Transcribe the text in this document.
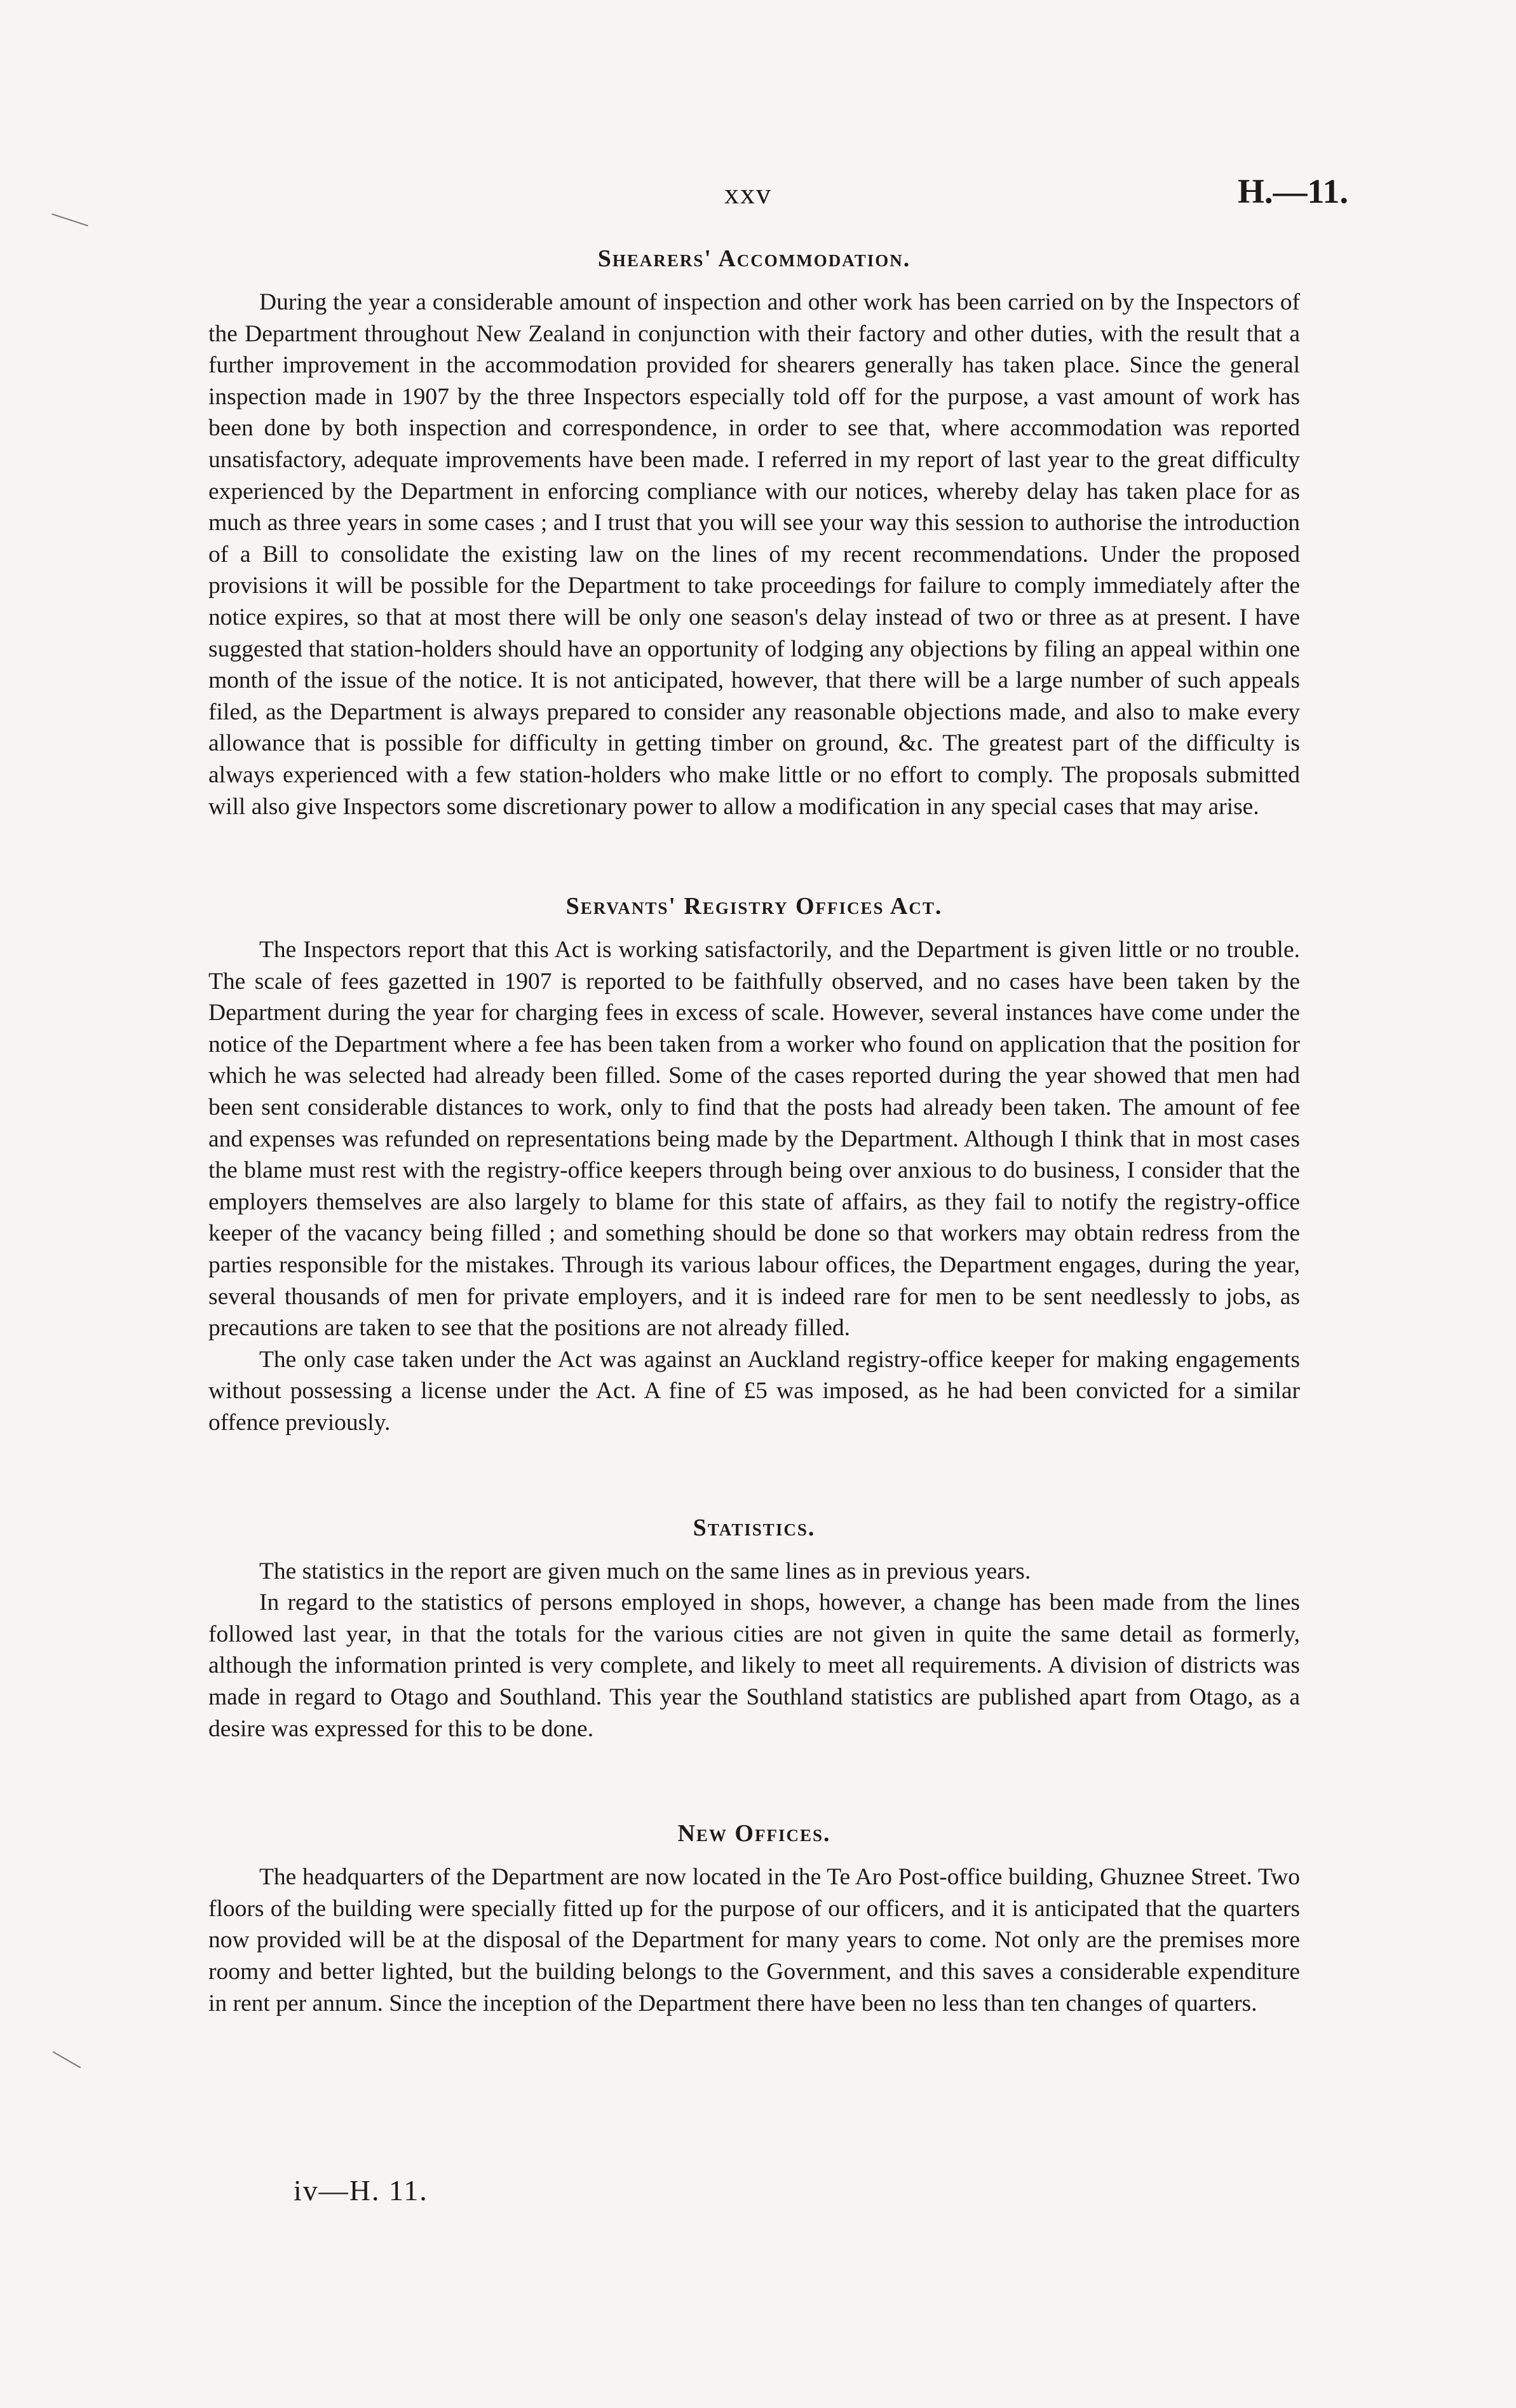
xxv	H.—11.
Shearers' Accommodation.

During the year a considerable amount of inspection and other work has been carried on by the Inspectors of the Department throughout New Zealand in conjunction with their factory and other duties, with the result that a further improvement in the accommodation provided for shearers generally has taken place. Since the general inspection made in 1907 by the three Inspectors especially told off for the purpose, a vast amount of work has been done by both inspection and correspondence, in order to see that, where accommodation was reported unsatisfactory, adequate improvements have been made. I referred in my report of last year to the great difficulty experienced by the Department in enforcing compliance with our notices, whereby delay has taken place for as much as three years in some cases ; and I trust that you will see your way this session to authorise the introduction of a Bill to consolidate the existing law on the lines of my recent recommendations. Under the proposed provisions it will be possible for the Department to take proceedings for failure to comply immediately after the notice expires, so that at most there will be only one season's delay instead of two or three as at present. I have suggested that station-holders should have an opportunity of lodging any objections by filing an appeal within one month of the issue of the notice. It is not anticipated, however, that there will be a large number of such appeals filed, as the Department is always prepared to consider any reasonable objections made, and also to make every allowance that is possible for difficulty in getting timber on ground, &c. The greatest part of the difficulty is always experienced with a few station-holders who make little or no effort to comply. The proposals submitted will also give Inspectors some discretionary power to allow a modification in any special cases that may arise.

Servants' Registry Offices Act.

The Inspectors report that this Act is working satisfactorily, and the Department is given little or no trouble. The scale of fees gazetted in 1907 is reported to be faithfully observed, and no cases have been taken by the Department during the year for charging fees in excess of scale. However, several instances have come under the notice of the Department where a fee has been taken from a worker who found on application that the position for which he was selected had already been filled. Some of the cases reported during the year showed that men had been sent considerable distances to work, only to find that the posts had already been taken. The amount of fee and expenses was refunded on representations being made by the Department. Although I think that in most cases the blame must rest with the registry-office keepers through being over anxious to do business, I consider that the employers themselves are also largely to blame for this state of affairs, as they fail to notify the registry-office keeper of the vacancy being filled ; and something should be done so that workers may obtain redress from the parties responsible for the mistakes. Through its various labour offices, the Department engages, during the year, several thousands of men for private employers, and it is indeed rare for men to be sent needlessly to jobs, as precautions are taken to see that the positions are not already filled.

The only case taken under the Act was against an Auckland registry-office keeper for making engagements without possessing a license under the Act. A fine of £5 was imposed, as he had been convicted for a similar offence previously.

Statistics.

The statistics in the report are given much on the same lines as in previous years.

In regard to the statistics of persons employed in shops, however, a change has been made from the lines followed last year, in that the totals for the various cities are not given in quite the same detail as formerly, although the information printed is very complete, and likely to meet all requirements. A division of districts was made in regard to Otago and Southland. This year the Southland statistics are published apart from Otago, as a desire was expressed for this to be done.

New Offices.

The headquarters of the Department are now located in the Te Aro Post-office building, Ghuznee Street. Two floors of the building were specially fitted up for the purpose of our officers, and it is anticipated that the quarters now provided will be at the disposal of the Department for many years to come. Not only are the premises more roomy and better lighted, but the building belongs to the Government, and this saves a considerable expenditure in rent per annum. Since the inception of the Department there have been no less than ten changes of quarters.

iv—H. 11.
